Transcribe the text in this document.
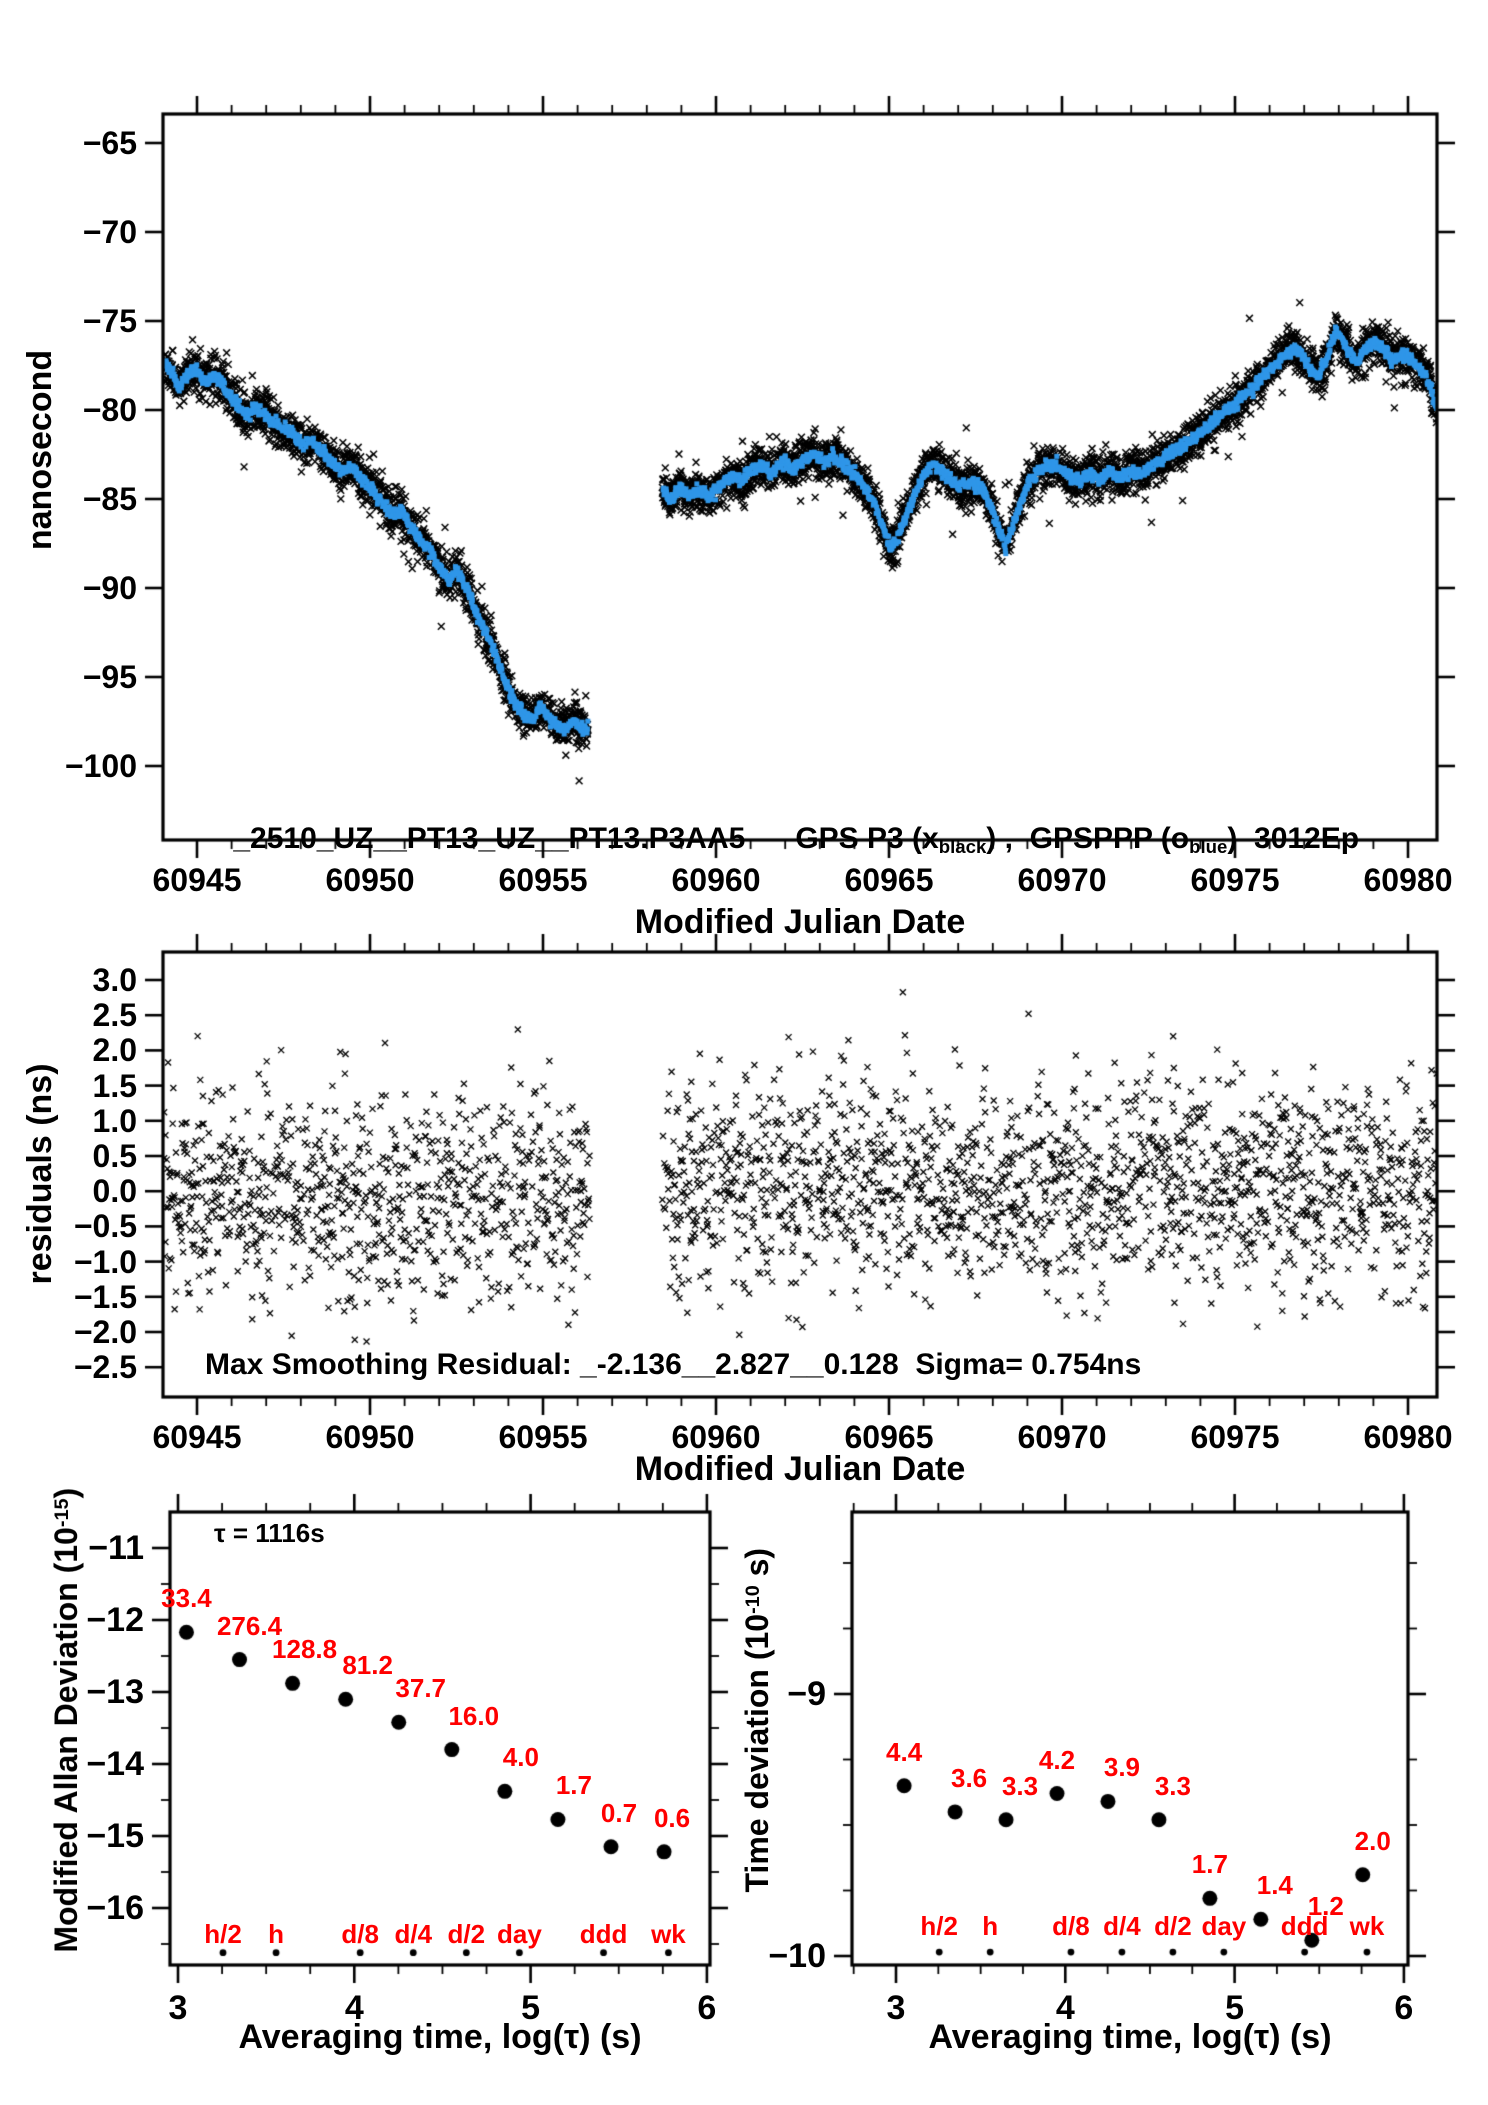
nanosecond

_2510_UZ__PT13_UZ__PT13.P3AA5 GPS P3 $(x_{black})$ ,  GPSPPP $(o_{blue})$  3012Ep

Modified Julian Date
residuals (ns)
Max Smoothing Residual: _-2.136__2.827__0.128  Sigma= 0.754ns
Modified Julian Date

Modified Allan Deviation $(10^{-15})$

τ = 1116s
Averaging time, log(τ) (s)

Time deviation ($10^{-10}$ s)

Averaging time, log(τ) (s)
−65
−70
−75
−80
−85
−90
−95
−100
60945	60950	60955	60960	60965	60970	60975	60980
3.0
2.5
2.0
1.5
1.0
0.5
0.0
−0.5
−1.0
−1.5
−2.0
−2.5
60945	60950	60955	60960	60965	60970	60975	60980
−11
−12
−13
−14
−15
−16
3	4	5	6
33.4
276.4
128.8
81.2
37.7
16.0
4.0
1.7
0.7 0.6
h/2 h d/8 d/4 d/2 day ddd wk
−9
−10
3	4	5	6
4.4
3.6 3.3
4.2 3.9
3.3
1.7
1.4
1.2
2.0
h/2 h d/8 d/4 d/2 day ddd wk
